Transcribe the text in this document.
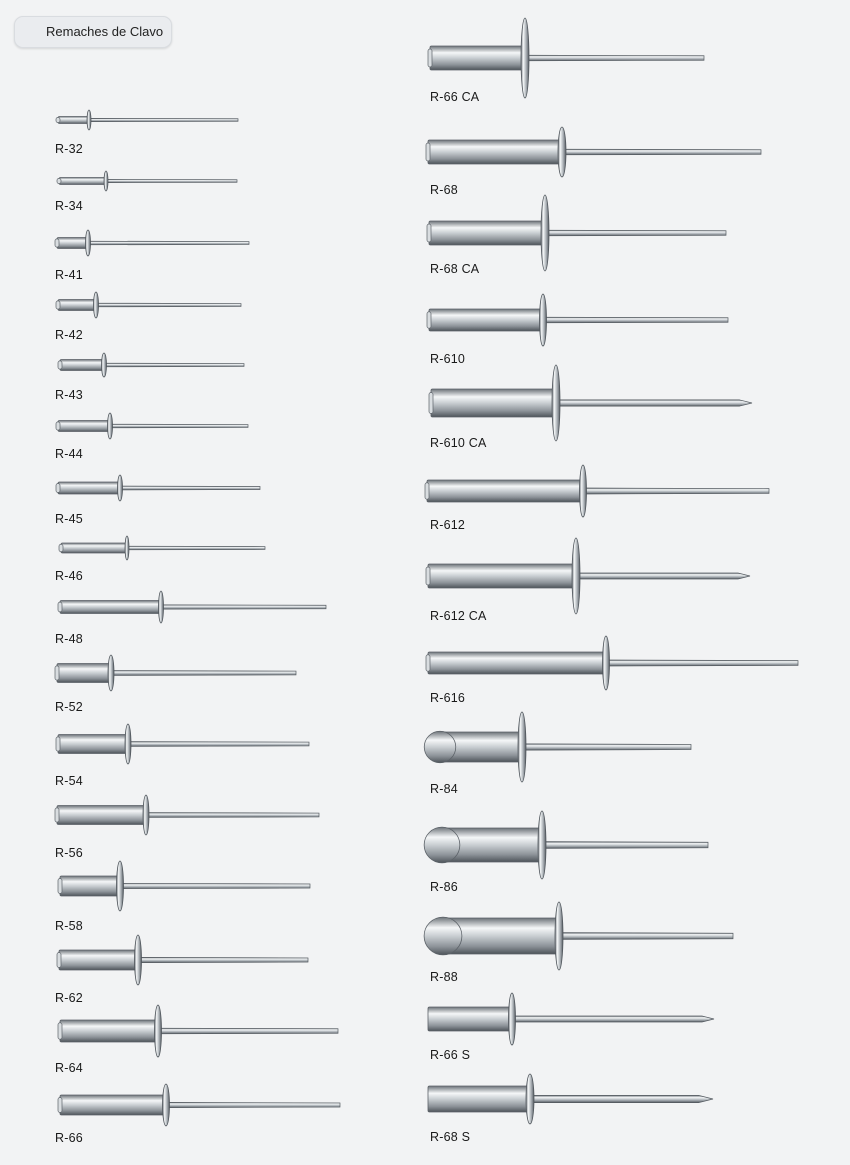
Remaches de Clavo
R-32
R-34
R-41
R-42
R-43
R-44
R-45
R-46
R-48
R-52
R-54
R-56
R-58
R-62
R-64
R-66
R-66 CA
R-68
R-68 CA
R-610
R-610 CA
R-612
R-612 CA
R-616
R-84
R-86
R-88
R-66 S
R-68 S
